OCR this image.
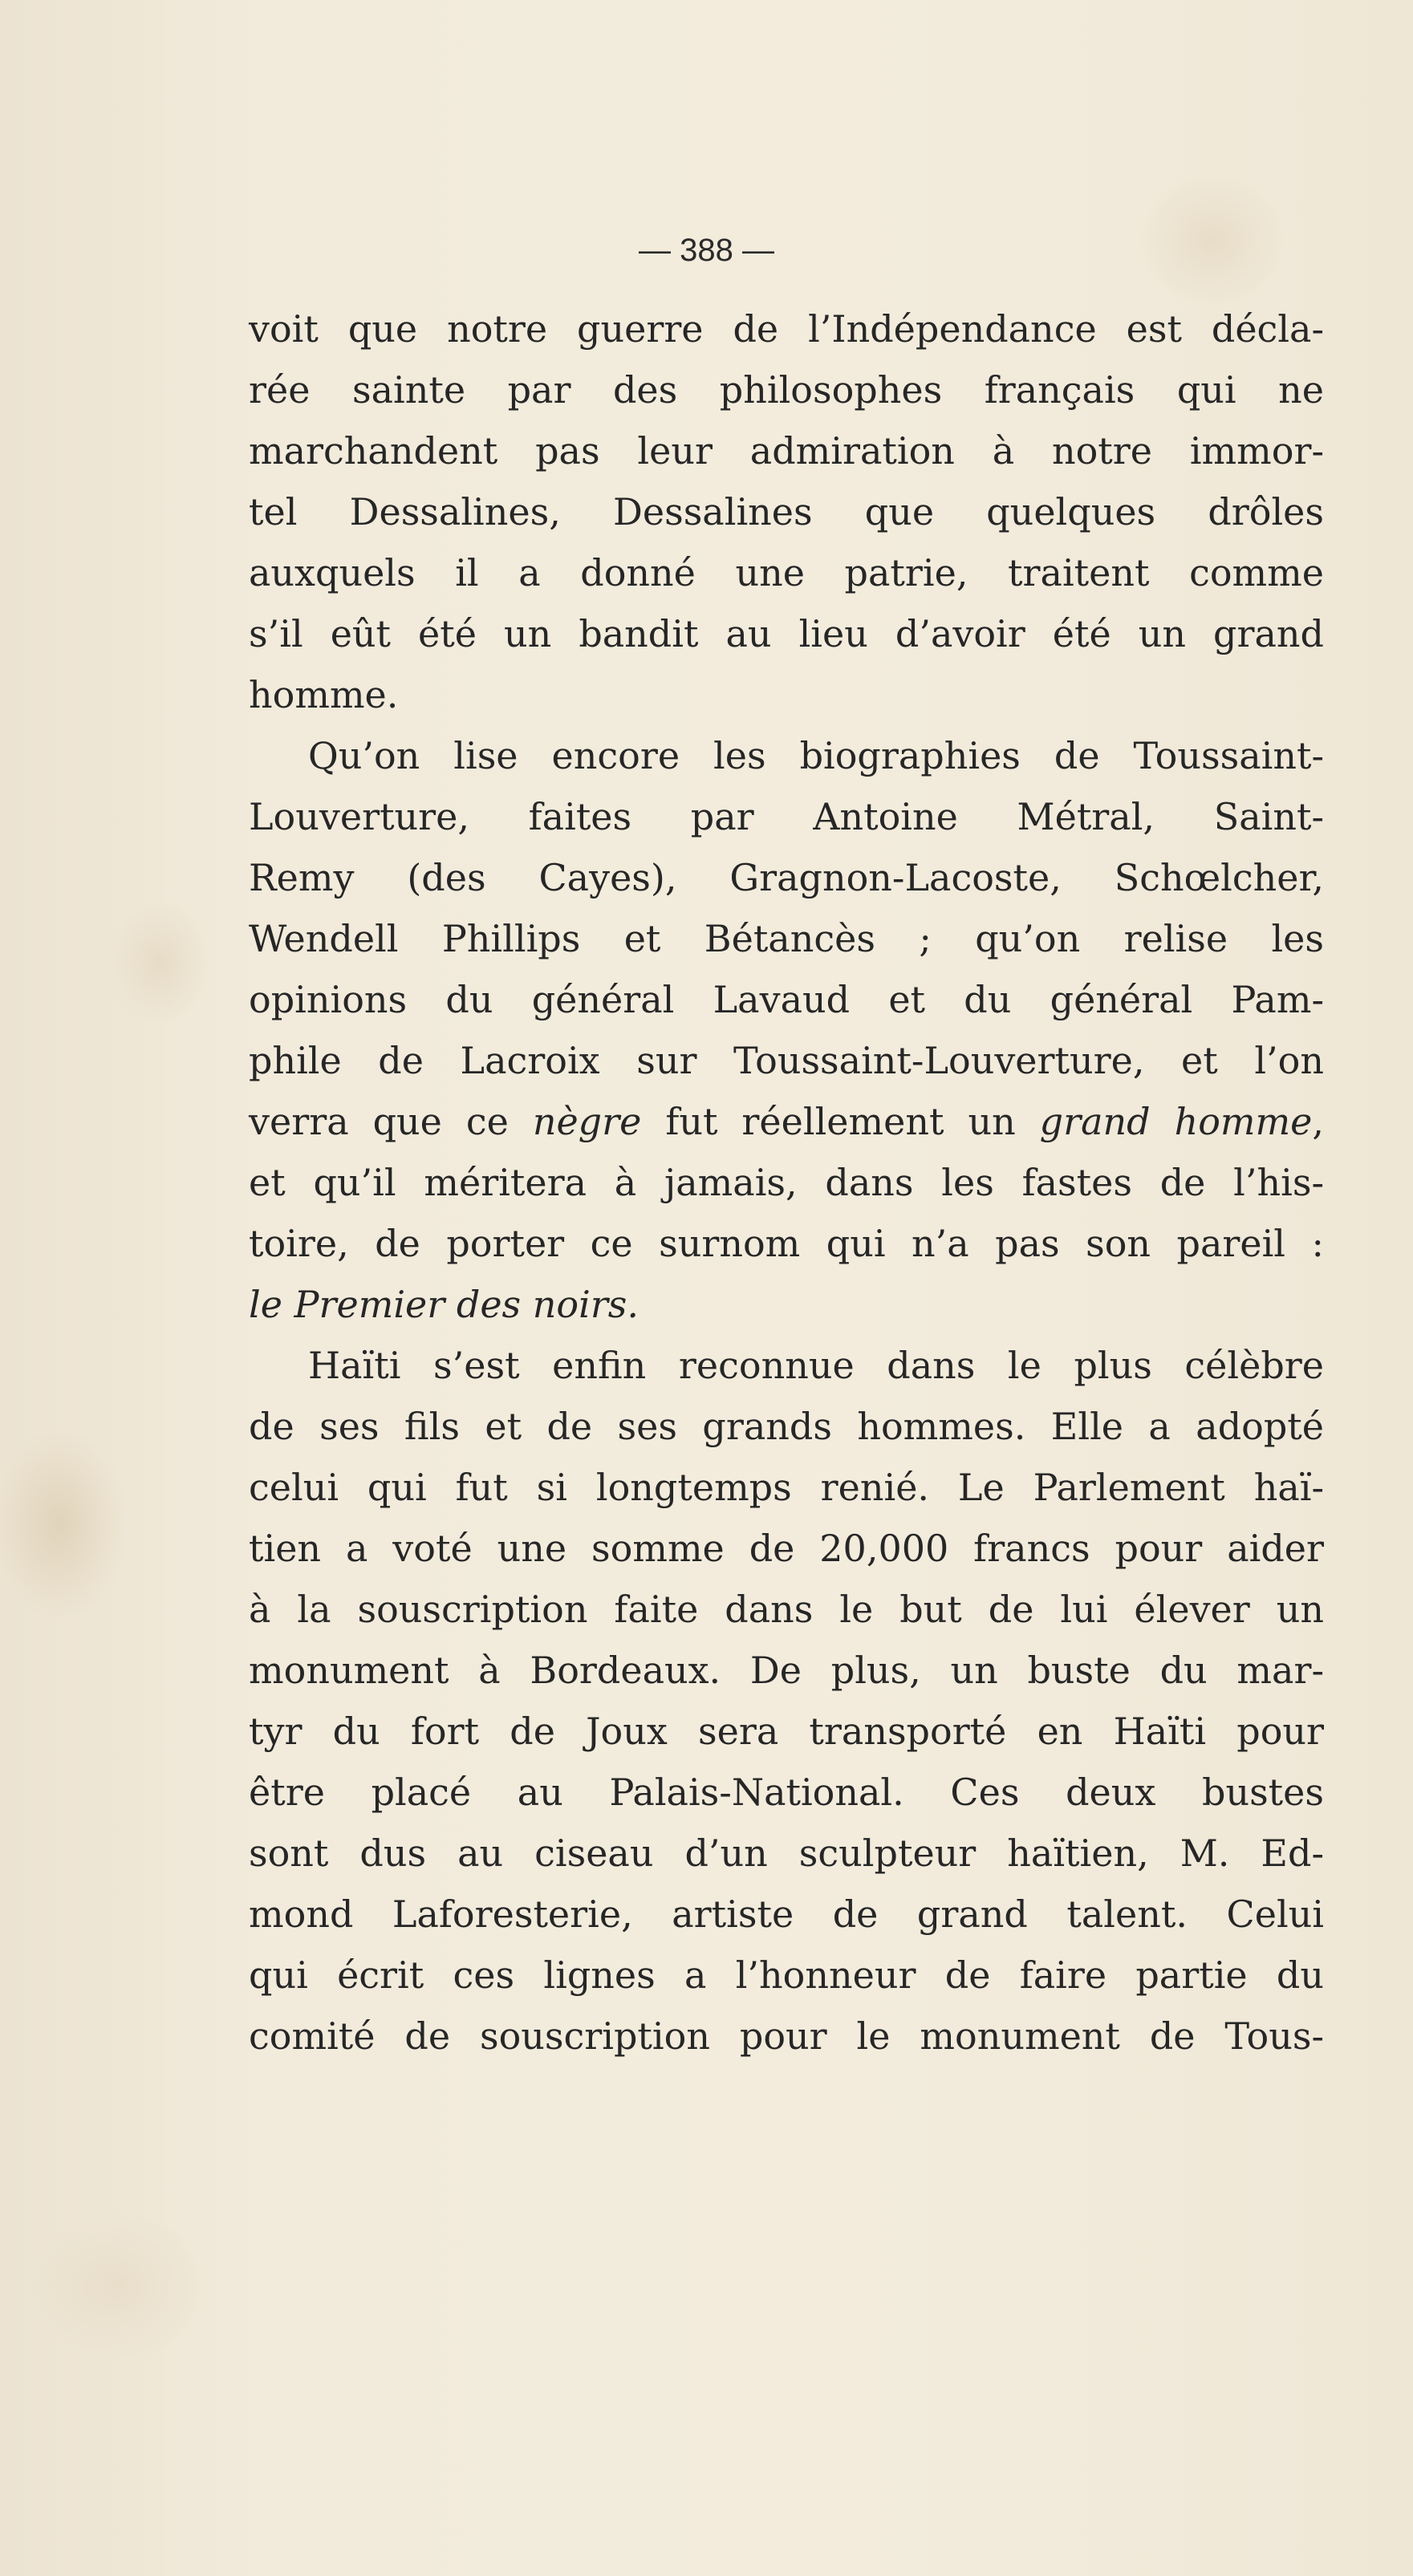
— 388 —

voit que notre guerre de l’Indépendance est décla-
rée sainte par des philosophes français qui ne
marchandent pas leur admiration à notre immor-
tel Dessalines, Dessalines que quelques drôles
auxquels il a donné une patrie, traitent comme
s’il eût été un bandit au lieu d’avoir été un grand
homme.
Qu’on lise encore les biographies de Toussaint-
Louverture, faites par Antoine Métral, Saint-
Remy (des Cayes), Gragnon-Lacoste, Schœlcher,
Wendell Phillips et Bétancès ; qu’on relise les
opinions du général Lavaud et du général Pam-
phile de Lacroix sur Toussaint-Louverture, et l’on
verra que ce nègre fut réellement un grand homme,
et qu’il méritera à jamais, dans les fastes de l’his-
toire, de porter ce surnom qui n’a pas son pareil :
le Premier des noirs.
Haïti s’est enfin reconnue dans le plus célèbre
de ses fils et de ses grands hommes. Elle a adopté
celui qui fut si longtemps renié. Le Parlement haï-
tien a voté une somme de 20,000 francs pour aider
à la souscription faite dans le but de lui élever un
monument à Bordeaux. De plus, un buste du mar-
tyr du fort de Joux sera transporté en Haïti pour
être placé au Palais-National. Ces deux bustes
sont dus au ciseau d’un sculpteur haïtien, M. Ed-
mond Laforesterie, artiste de grand talent. Celui
qui écrit ces lignes a l’honneur de faire partie du
comité de souscription pour le monument de Tous-
